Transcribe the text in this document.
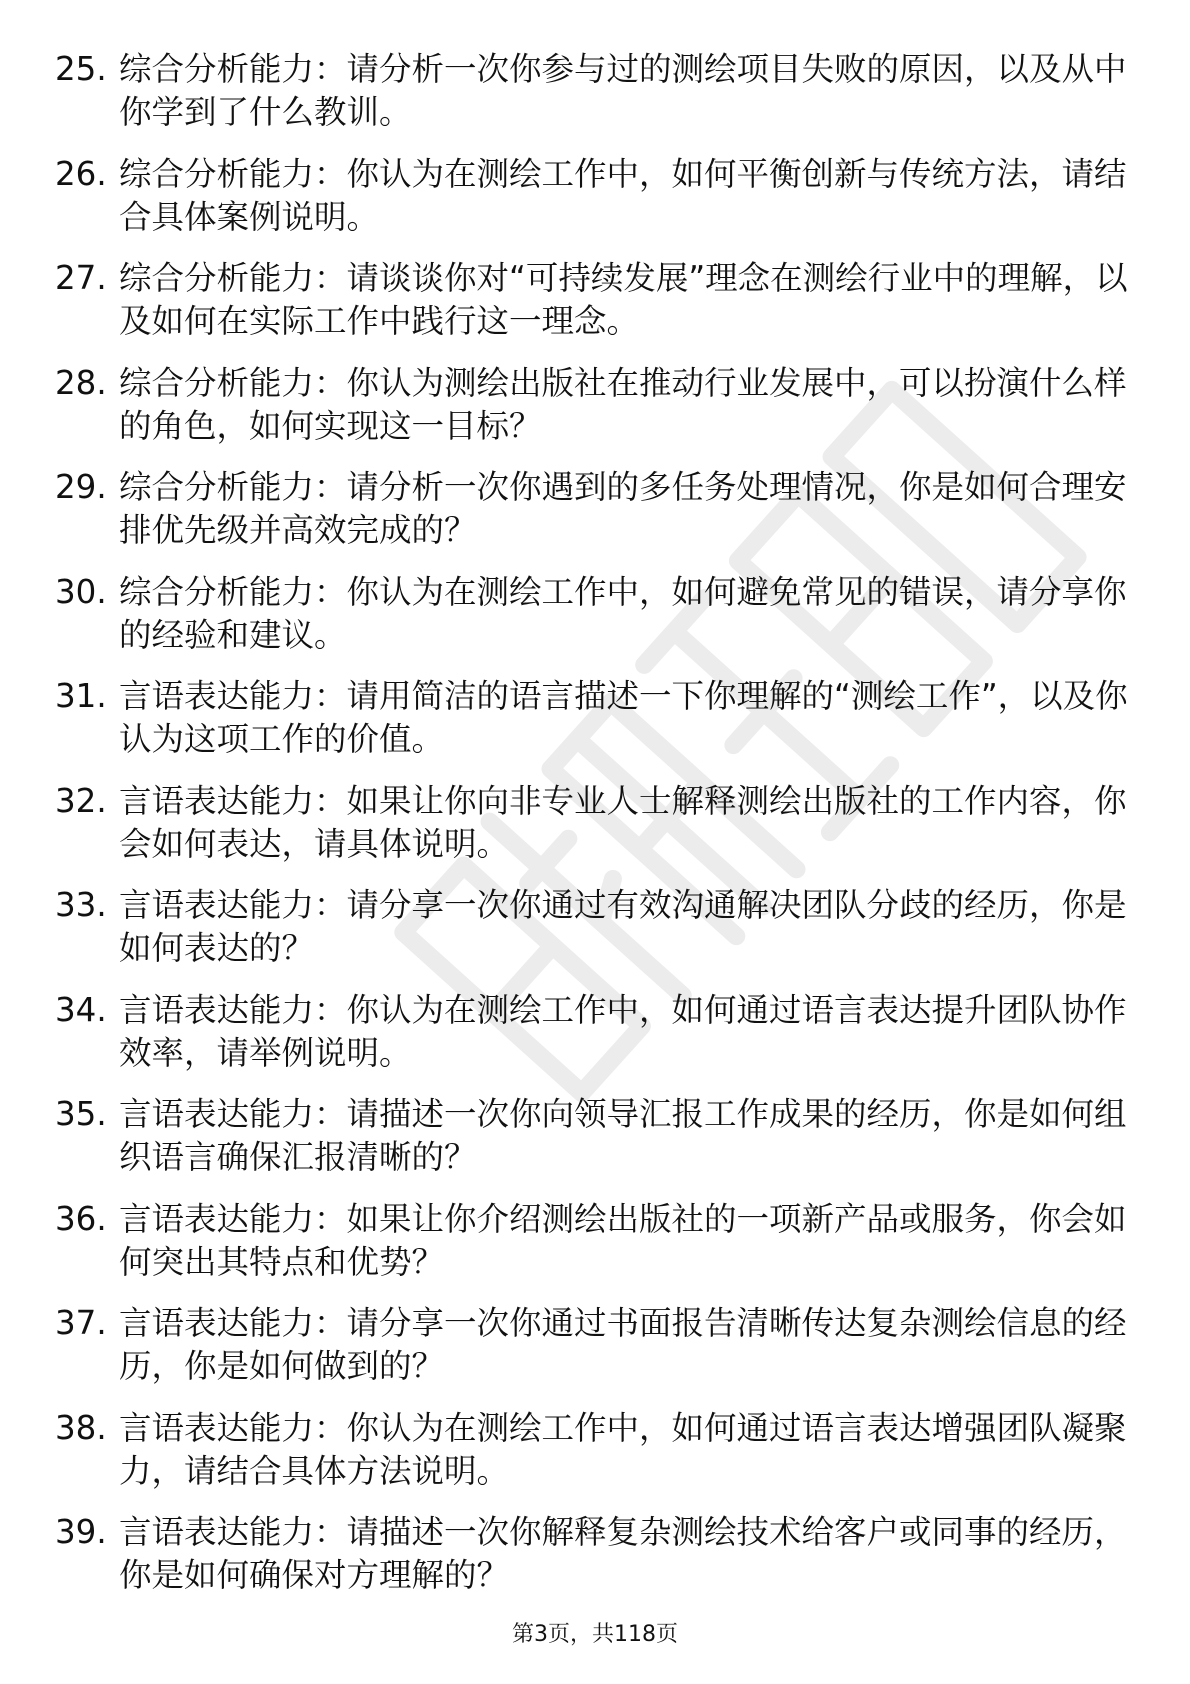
25. 综合分析能力：请分析一次你参与过的测绘项目失败的原因，以及从中你学到了什么教训。

26. 综合分析能力：你认为在测绘工作中，如何平衡创新与传统方法，请结合具体案例说明。

27. 综合分析能力：请谈谈你对“可持续发展”理念在测绘行业中的理解，以及如何在实际工作中践行这一理念。

28. 综合分析能力：你认为测绘出版社在推动行业发展中，可以扮演什么样的角色，如何实现这一目标？

29. 综合分析能力：请分析一次你遇到的多任务处理情况，你是如何合理安排优先级并高效完成的？

30. 综合分析能力：你认为在测绘工作中，如何避免常见的错误，请分享你的经验和建议。

31. 言语表达能力：请用简洁的语言描述一下你理解的“测绘工作”，以及你认为这项工作的价值。

32. 言语表达能力：如果让你向非专业人士解释测绘出版社的工作内容，你会如何表达，请具体说明。

33. 言语表达能力：请分享一次你通过有效沟通解决团队分歧的经历，你是如何表达的？

34. 言语表达能力：你认为在测绘工作中，如何通过语言表达提升团队协作效率，请举例说明。

35. 言语表达能力：请描述一次你向领导汇报工作成果的经历，你是如何组织语言确保汇报清晰的？

36. 言语表达能力：如果让你介绍测绘出版社的一项新产品或服务，你会如何突出其特点和优势？

37. 言语表达能力：请分享一次你通过书面报告清晰传达复杂测绘信息的经历，你是如何做到的？

38. 言语表达能力：你认为在测绘工作中，如何通过语言表达增强团队凝聚力，请结合具体方法说明。

39. 言语表达能力：请描述一次你解释复杂测绘技术给客户或同事的经历，你是如何确保对方理解的？

第3页，共118页
